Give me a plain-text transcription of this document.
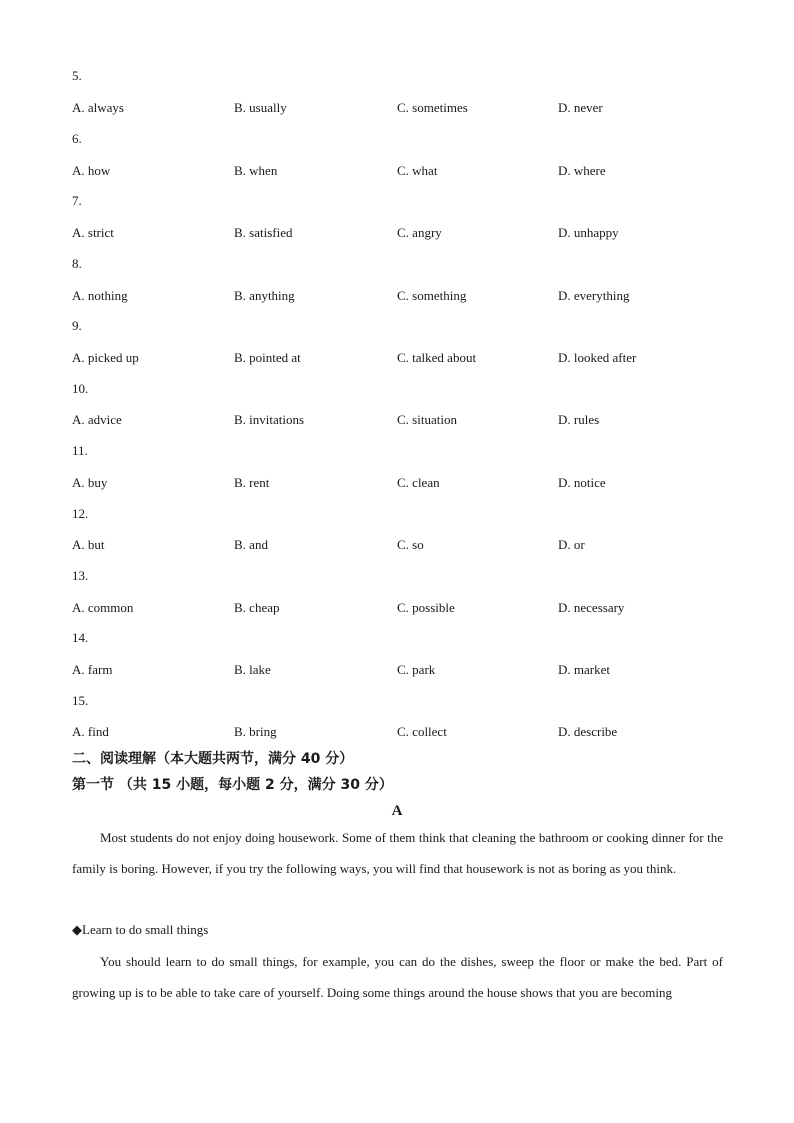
5.
A. always	B. usually	C. sometimes	D. never
6.
A. how	B. when	C. what	D. where
7.
A. strict	B. satisfied	C. angry	D. unhappy
8.
A. nothing	B. anything	C. something	D. everything
9.
A. picked up	B. pointed at	C. talked about	D. looked after
10.
A. advice	B. invitations	C. situation	D. rules
11.
A. buy	B. rent	C. clean	D. notice
12.
A. but	B. and	C. so	D. or
13.
A. common	B. cheap	C. possible	D. necessary
14.
A. farm	B. lake	C. park	D. market
15.
A. find	B. bring	C. collect	D. describe
二、阅读理解（本大题共两节，满分 40 分）
第一节 （共 15 小题，每小题 2 分，满分 30 分）
A
Most students do not enjoy doing housework. Some of them think that cleaning the bathroom or cooking dinner for the family is boring. However, if you try the following ways, you will find that housework is not as boring as you think.
◆Learn to do small things
You should learn to do small things, for example, you can do the dishes, sweep the floor or make the bed. Part of growing up is to be able to take care of yourself. Doing some things around the house shows that you are becoming
